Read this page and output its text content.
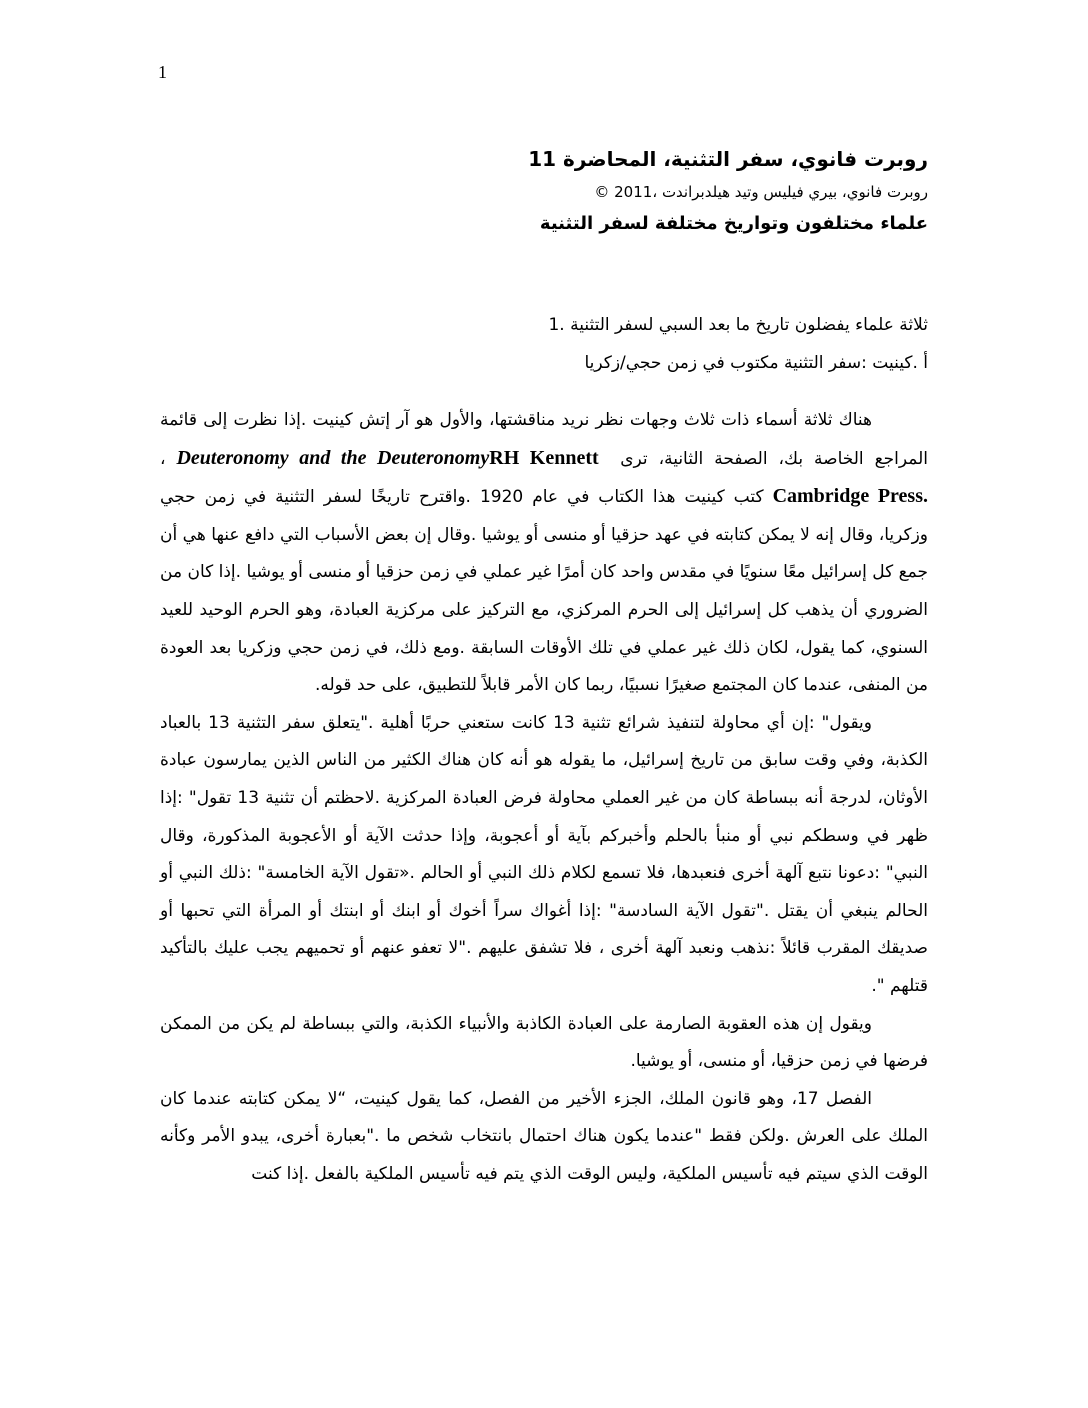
1
روبرت فانوي، سفر التثنية، المحاضرة 11
روبرت فانوي، بيري فيليس وتيد هيلدبراندت ،2011 ©
علماء مختلفون وتواريخ مختلفة لسفر التثنية
ثلاثة علماء يفضلون تاريخ ما بعد السبي لسفر التثنية .1
أ .كينيت :سفر التثنية مكتوب في زمن حجي/زكريا

هناك ثلاثة أسماء ذات ثلاث وجهات نظر نريد مناقشتها، والأول هو آر إتش كينيت .إذا نظرت إلى قائمة المراجع الخاصة بك، الصفحة الثانية، ترى RH Kennett Deuteronomy and the Deuteronomy ، Cambridge Press. كتب كينيت هذا الكتاب في عام 1920 .واقترح تاريخًا لسفر التثنية في زمن حجي وزكريا، وقال إنه لا يمكن كتابته في عهد حزقيا أو منسى أو يوشيا .وقال إن بعض الأسباب التي دافع عنها هي أن جمع كل إسرائيل معًا سنويًا في مقدس واحد كان أمرًا غير عملي في زمن حزقيا أو منسى أو يوشيا .إذا كان من الضروري أن يذهب كل إسرائيل إلى الحرم المركزي، مع التركيز على مركزية العبادة، وهو الحرم الوحيد للعيد السنوي، كما يقول، لكان ذلك غير عملي في تلك الأوقات السابقة .ومع ذلك، في زمن حجي وزكريا بعد العودة من المنفى، عندما كان المجتمع صغيرًا نسبيًا، ربما كان الأمر قابلاً للتطبيق، على حد قوله.

ويقول" :إن أي محاولة لتنفيذ شرائع تثنية 13 كانت ستعني حربًا أهلية ."يتعلق سفر التثنية 13 بالعباد الكذبة، وفي وقت سابق من تاريخ إسرائيل، ما يقوله هو أنه كان هناك الكثير من الناس الذين يمارسون عبادة الأوثان، لدرجة أنه ببساطة كان من غير العملي محاولة فرض العبادة المركزية .لاحظتم أن تثنية 13 تقول" :إذا ظهر في وسطكم نبي أو منبأ بالحلم وأخبركم بآية أو أعجوبة، وإذا حدثت الآية أو الأعجوبة المذكورة، وقال النبي" :دعونا نتبع آلهة أخرى فنعبدها، فلا تسمع لكلام ذلك النبي أو الحالم .«تقول الآية الخامسة" :ذلك النبي أو الحالم ينبغي أن يقتل ."تقول الآية السادسة" :إذا أغواك سراً أخوك أو ابنك أو ابنتك أو المرأة التي تحبها أو صديقك المقرب قائلاً :نذهب ونعبد آلهة أخرى ، فلا تشفق عليهم ."لا تعفو عنهم أو تحميهم يجب عليك بالتأكيد قتلهم ".

ويقول إن هذه العقوبة الصارمة على العبادة الكاذبة والأنبياء الكذبة، والتي ببساطة لم يكن من الممكن فرضها في زمن حزقيا، أو منسى، أو يوشيا.

الفصل 17، وهو قانون الملك، الجزء الأخير من الفصل، كما يقول كينيت، “لا يمكن كتابته عندما كان الملك على العرش .ولكن فقط "عندما يكون هناك احتمال بانتخاب شخص ما ."بعبارة أخرى، يبدو الأمر وكأنه الوقت الذي سيتم فيه تأسيس الملكية، وليس الوقت الذي يتم فيه تأسيس الملكية بالفعل .إذا كنت
